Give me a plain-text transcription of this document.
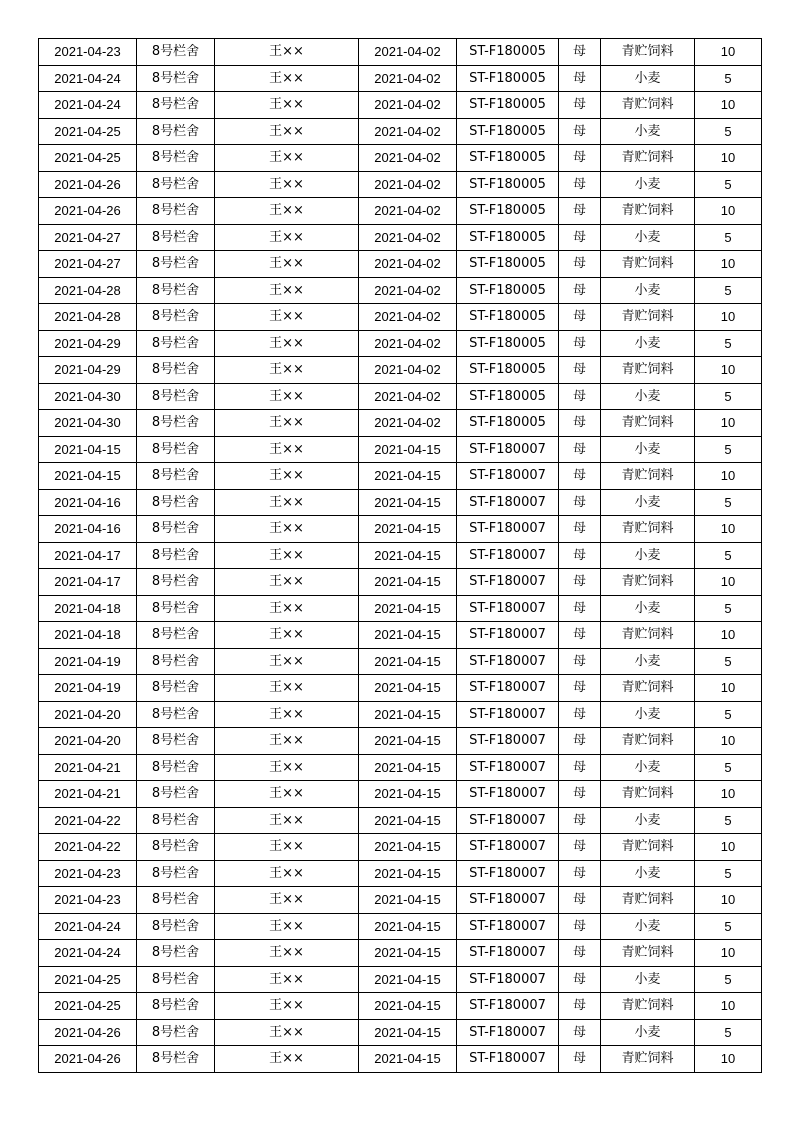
2021-04-23	8号栏舍	王××	2021-04-02	ST-F180005	母	青贮饲料	10
2021-04-24	8号栏舍	王××	2021-04-02	ST-F180005	母	小麦	5
2021-04-24	8号栏舍	王××	2021-04-02	ST-F180005	母	青贮饲料	10
2021-04-25	8号栏舍	王××	2021-04-02	ST-F180005	母	小麦	5
2021-04-25	8号栏舍	王××	2021-04-02	ST-F180005	母	青贮饲料	10
2021-04-26	8号栏舍	王××	2021-04-02	ST-F180005	母	小麦	5
2021-04-26	8号栏舍	王××	2021-04-02	ST-F180005	母	青贮饲料	10
2021-04-27	8号栏舍	王××	2021-04-02	ST-F180005	母	小麦	5
2021-04-27	8号栏舍	王××	2021-04-02	ST-F180005	母	青贮饲料	10
2021-04-28	8号栏舍	王××	2021-04-02	ST-F180005	母	小麦	5
2021-04-28	8号栏舍	王××	2021-04-02	ST-F180005	母	青贮饲料	10
2021-04-29	8号栏舍	王××	2021-04-02	ST-F180005	母	小麦	5
2021-04-29	8号栏舍	王××	2021-04-02	ST-F180005	母	青贮饲料	10
2021-04-30	8号栏舍	王××	2021-04-02	ST-F180005	母	小麦	5
2021-04-30	8号栏舍	王××	2021-04-02	ST-F180005	母	青贮饲料	10
2021-04-15	8号栏舍	王××	2021-04-15	ST-F180007	母	小麦	5
2021-04-15	8号栏舍	王××	2021-04-15	ST-F180007	母	青贮饲料	10
2021-04-16	8号栏舍	王××	2021-04-15	ST-F180007	母	小麦	5
2021-04-16	8号栏舍	王××	2021-04-15	ST-F180007	母	青贮饲料	10
2021-04-17	8号栏舍	王××	2021-04-15	ST-F180007	母	小麦	5
2021-04-17	8号栏舍	王××	2021-04-15	ST-F180007	母	青贮饲料	10
2021-04-18	8号栏舍	王××	2021-04-15	ST-F180007	母	小麦	5
2021-04-18	8号栏舍	王××	2021-04-15	ST-F180007	母	青贮饲料	10
2021-04-19	8号栏舍	王××	2021-04-15	ST-F180007	母	小麦	5
2021-04-19	8号栏舍	王××	2021-04-15	ST-F180007	母	青贮饲料	10
2021-04-20	8号栏舍	王××	2021-04-15	ST-F180007	母	小麦	5
2021-04-20	8号栏舍	王××	2021-04-15	ST-F180007	母	青贮饲料	10
2021-04-21	8号栏舍	王××	2021-04-15	ST-F180007	母	小麦	5
2021-04-21	8号栏舍	王××	2021-04-15	ST-F180007	母	青贮饲料	10
2021-04-22	8号栏舍	王××	2021-04-15	ST-F180007	母	小麦	5
2021-04-22	8号栏舍	王××	2021-04-15	ST-F180007	母	青贮饲料	10
2021-04-23	8号栏舍	王××	2021-04-15	ST-F180007	母	小麦	5
2021-04-23	8号栏舍	王××	2021-04-15	ST-F180007	母	青贮饲料	10
2021-04-24	8号栏舍	王××	2021-04-15	ST-F180007	母	小麦	5
2021-04-24	8号栏舍	王××	2021-04-15	ST-F180007	母	青贮饲料	10
2021-04-25	8号栏舍	王××	2021-04-15	ST-F180007	母	小麦	5
2021-04-25	8号栏舍	王××	2021-04-15	ST-F180007	母	青贮饲料	10
2021-04-26	8号栏舍	王××	2021-04-15	ST-F180007	母	小麦	5
2021-04-26	8号栏舍	王××	2021-04-15	ST-F180007	母	青贮饲料	10
